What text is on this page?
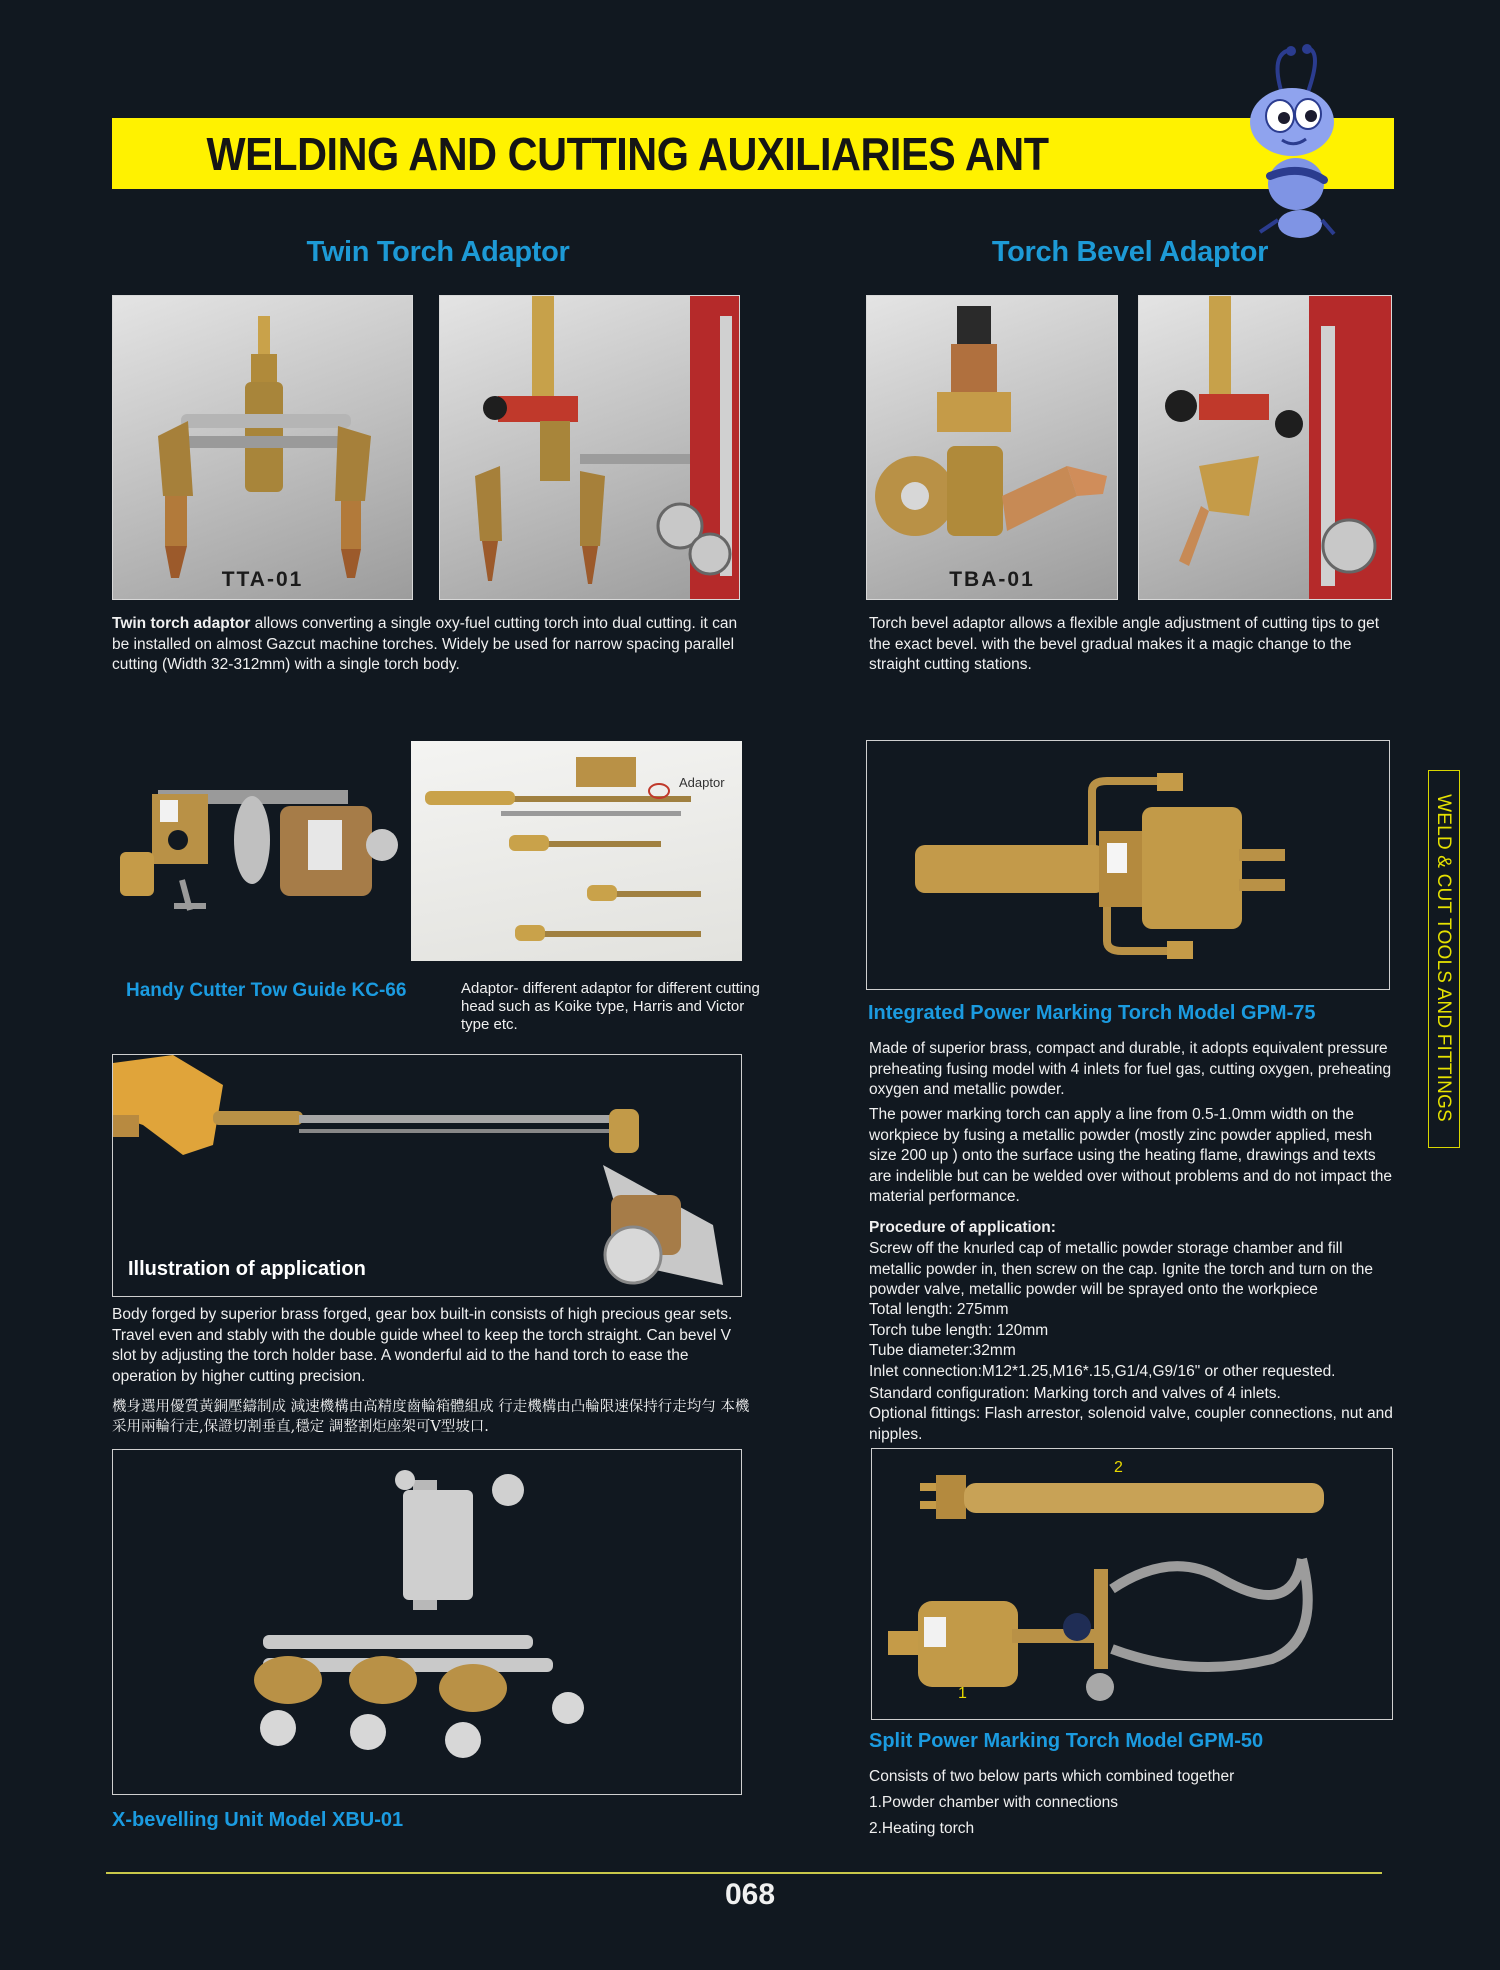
WELDING AND CUTTING AUXILIARIES ANT
Twin Torch Adaptor	Torch Bevel Adaptor
TTA-01	TBA-01
Twin torch adaptor allows converting a single oxy-fuel cutting torch into dual cutting. it can be installed on almost Gazcut machine torches. Widely be used for narrow spacing parallel cutting (Width 32-312mm) with a single torch body.
Torch bevel adaptor allows a flexible angle adjustment of cutting tips to get the exact bevel. with the bevel gradual makes it a magic change to the straight cutting stations.
Adaptor
Handy Cutter Tow Guide KC-66	Adaptor- different adaptor for different cutting head such as Koike type, Harris and Victor type etc.
Illustration of application
Body forged by superior brass forged, gear box built-in consists of high precious gear sets. Travel even and stably with the double guide wheel to keep the torch straight. Can bevel V slot by adjusting the torch holder base. A wonderful aid to the hand torch to ease the operation by higher cutting precision.
機身選用優質黃銅壓鑄制成 減速機構由高精度齒輪箱體組成 行走機構由凸輪限速保持行走均勻 本機采用兩輪行走,保證切割垂直,穩定 調整割炬座架可V型坡口.
X-bevelling Unit Model XBU-01
Integrated Power Marking Torch Model GPM-75
Made of superior brass, compact and durable, it adopts equivalent pressure preheating fusing model with 4 inlets for fuel gas, cutting oxygen, preheating oxygen and metallic powder.
The power marking torch can apply a line from 0.5-1.0mm width on the workpiece by fusing a metallic powder (mostly zinc powder applied, mesh size 200 up ) onto the surface using the heating flame, drawings and texts are indelible but can be welded over without problems and do not impact the material performance.
Procedure of application:
Screw off the knurled cap of metallic powder storage chamber and fill metallic powder in, then screw on the cap. Ignite the torch and turn on the powder valve, metallic powder will be sprayed onto the workpiece
Total length: 275mm
Torch tube length: 120mm
Tube diameter:32mm
Inlet connection:M12*1.25,M16*.15,G1/4,G9/16" or other requested.
Standard configuration: Marking torch and valves of 4 inlets.
Optional fittings: Flash arrestor, solenoid valve, coupler connections, nut and nipples.
2
1
Split Power Marking Torch Model GPM-50
Consists of two below parts which combined together
1.Powder chamber with connections
2.Heating torch
WELD & CUT TOOLS AND FITTINGS
068
